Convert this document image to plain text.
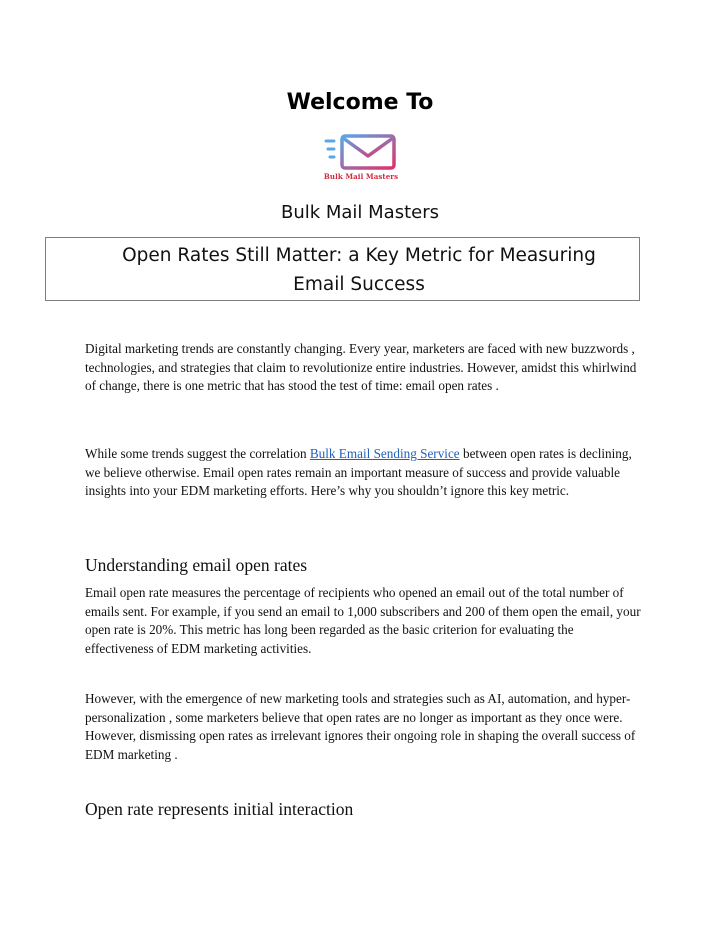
Welcome To
Bulk Mail Masters
Bulk Mail Masters
Open Rates Still Matter: a Key Metric for Measuring Email Success

Digital marketing trends are constantly changing. Every year, marketers are faced with new buzzwords , technologies, and strategies that claim to revolutionize entire industries. However, amidst this whirlwind of change, there is one metric that has stood the test of time: email open rates .

While some trends suggest the correlation Bulk Email Sending Service between open rates is declining, we believe otherwise. Email open rates remain an important measure of success and provide valuable insights into your EDM marketing efforts. Here’s why you shouldn’t ignore this key metric.

Understanding email open rates

Email open rate measures the percentage of recipients who opened an email out of the total number of emails sent. For example, if you send an email to 1,000 subscribers and 200 of them open the email, your open rate is 20%. This metric has long been regarded as the basic criterion for evaluating the effectiveness of EDM marketing activities.

However, with the emergence of new marketing tools and strategies such as AI, automation, and hyper-personalization , some marketers believe that open rates are no longer as important as they once were. However, dismissing open rates as irrelevant ignores their ongoing role in shaping the overall success of EDM marketing .

Open rate represents initial interaction
